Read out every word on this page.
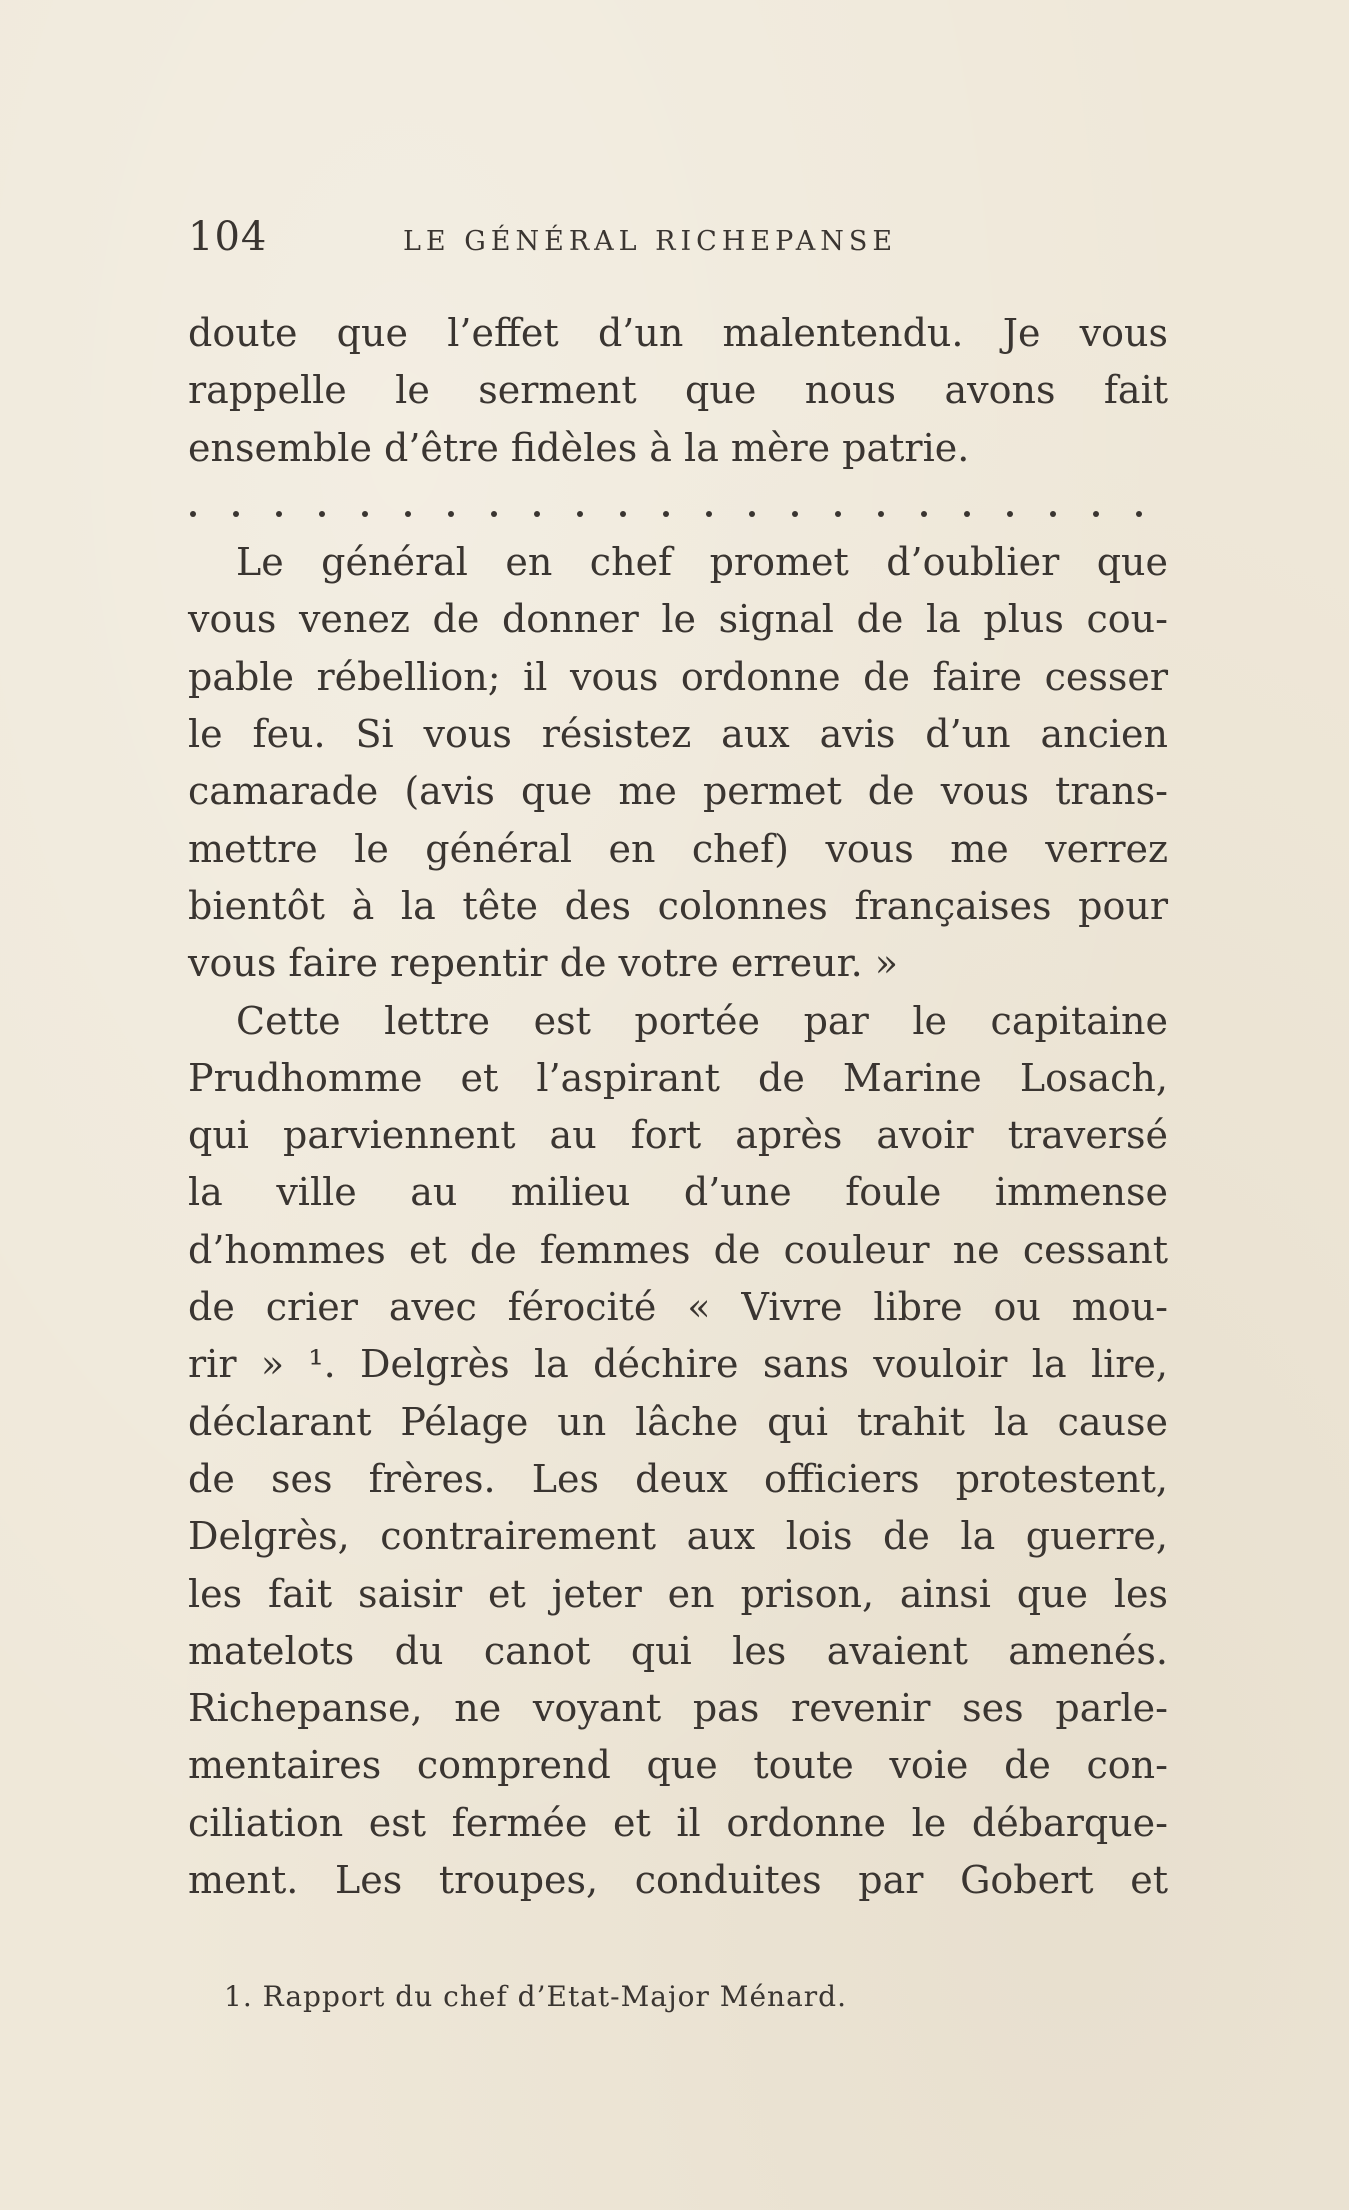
104	LE GÉNÉRAL RICHEPANSE
doute que l’effet d’un malentendu. Je vous
rappelle le serment que nous avons fait
ensemble d’être fidèles à la mère patrie.
Le général en chef promet d’oublier que
vous venez de donner le signal de la plus cou-
pable rébellion; il vous ordonne de faire cesser
le feu. Si vous résistez aux avis d’un ancien
camarade (avis que me permet de vous trans-
mettre le général en chef) vous me verrez
bientôt à la tête des colonnes françaises pour
vous faire repentir de votre erreur. »
Cette lettre est portée par le capitaine
Prudhomme et l’aspirant de Marine Losach,
qui parviennent au fort après avoir traversé
la ville au milieu d’une foule immense
d’hommes et de femmes de couleur ne cessant
de crier avec férocité « Vivre libre ou mou-
rir » ¹. Delgrès la déchire sans vouloir la lire,
déclarant Pélage un lâche qui trahit la cause
de ses frères. Les deux officiers protestent,
Delgrès, contrairement aux lois de la guerre,
les fait saisir et jeter en prison, ainsi que les
matelots du canot qui les avaient amenés.
Richepanse, ne voyant pas revenir ses parle-
mentaires comprend que toute voie de con-
ciliation est fermée et il ordonne le débarque-
ment. Les troupes, conduites par Gobert et
1. Rapport du chef d’Etat-Major Ménard.
